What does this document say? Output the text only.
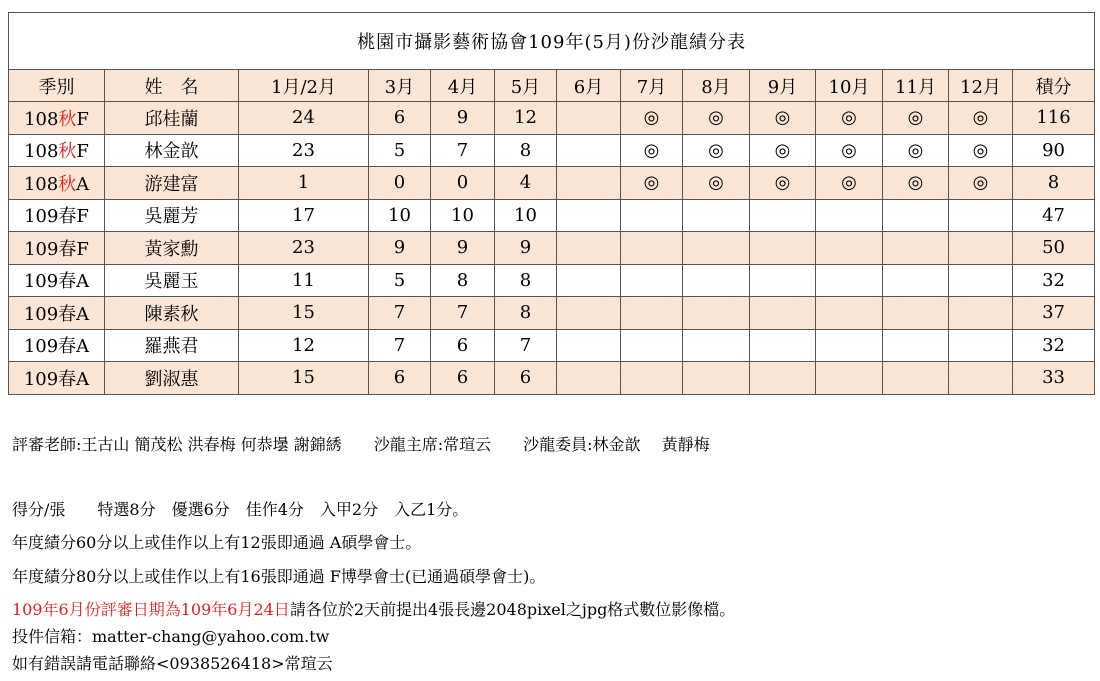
桃園市攝影藝術協會109年(5月)份沙龍績分表													
季別	姓　名	1月/2月	3月	4月	5月	6月	7月	8月	9月	10月	11月	12月	積分
108秋F	邱桂蘭	24	6	9	12		◎	◎	◎	◎	◎	◎	116
108秋F	林金歆	23	5	7	8		◎	◎	◎	◎	◎	◎	90
108秋A	游建富	1	0	0	4		◎	◎	◎	◎	◎	◎	8
109春F	吳麗芳	17	10	10	10								47
109春F	黃家勳	23	9	9	9								50
109春A	吳麗玉	11	5	8	8								32
109春A	陳素秋	15	7	7	8								37
109春A	羅燕君	12	7	6	7								32
109春A	劉淑惠	15	6	6	6								33
評審老師:王古山 簡茂松 洪春梅 何恭壜 謝錦綉　　沙龍主席:常瑄云　　沙龍委員:林金歆　 黃靜梅
得分/張　　特選8分　優選6分　佳作4分　入甲2分　入乙1分。
年度績分60分以上或佳作以上有12張即通過 A碩學會士。
年度績分80分以上或佳作以上有16張即通過 F博學會士(已通過碩學會士)。
109年6月份評審日期為109年6月24日請各位於2天前提出4張長邊2048pixel之jpg格式數位影像檔。
投件信箱：matter-chang@yahoo.com.tw
如有錯誤請電話聯絡<0938526418>常瑄云
